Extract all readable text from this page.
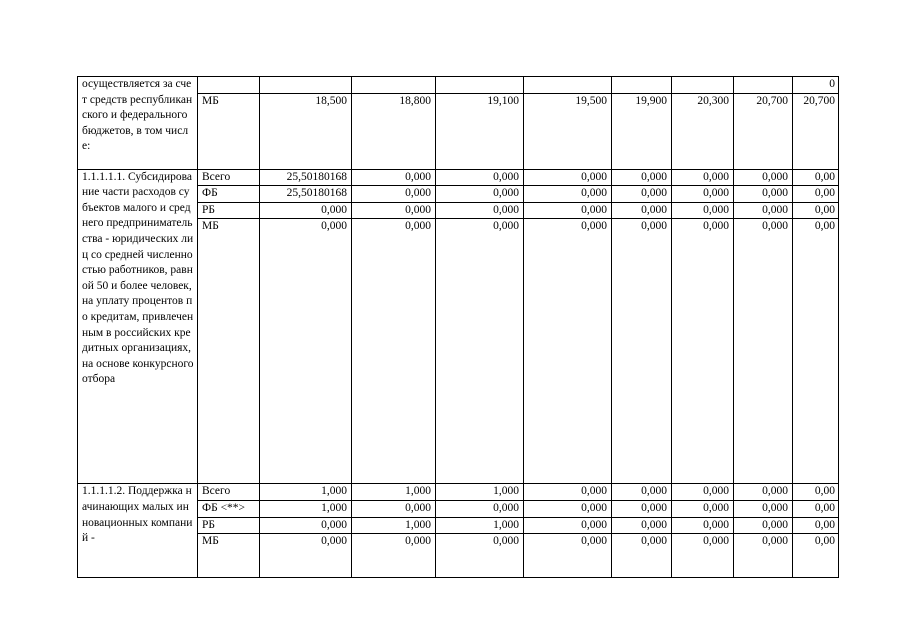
осуществляется за счет средств республиканского и федерального бюджетов, в том числе:									0
	МБ	18,500	18,800	19,100	19,500	19,900	20,300	20,700	20,700
1.1.1.1.1. Субсидирование части расходов субъектов малого и среднего предпринимательства - юридических лиц со средней численностью работников, равной 50 и более человек, на уплату процентов по кредитам, привлеченным в российских кредитных организациях, на основе конкурсного отбора	Всего	25,50180168	0,000	0,000	0,000	0,000	0,000	0,000	0,00
	ФБ	25,50180168	0,000	0,000	0,000	0,000	0,000	0,000	0,00
	РБ	0,000	0,000	0,000	0,000	0,000	0,000	0,000	0,00
	МБ	0,000	0,000	0,000	0,000	0,000	0,000	0,000	0,00
1.1.1.1.2. Поддержка начинающих малых инновационных компаний -	Всего	1,000	1,000	1,000	0,000	0,000	0,000	0,000	0,00
	ФБ <**>	1,000	0,000	0,000	0,000	0,000	0,000	0,000	0,00
	РБ	0,000	1,000	1,000	0,000	0,000	0,000	0,000	0,00
	МБ	0,000	0,000	0,000	0,000	0,000	0,000	0,000	0,00
